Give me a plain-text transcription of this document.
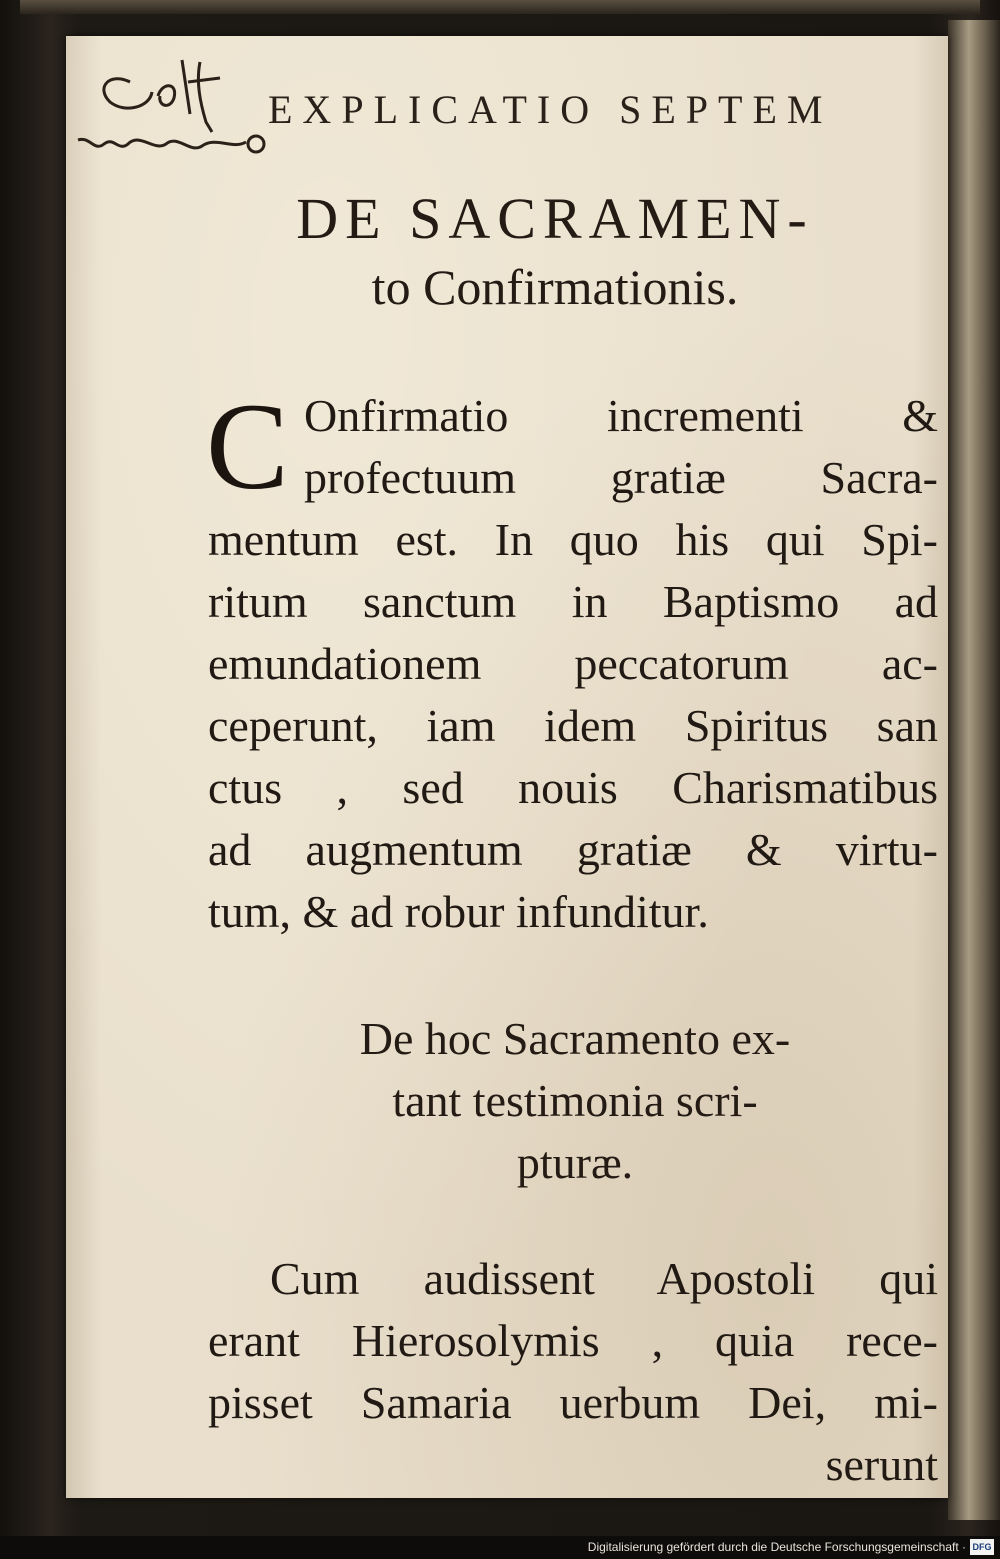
EXPLICATIO SEPTEM
DE SACRAMEN-
to Confirmationis.
C Onfirmatio incrementi &
profectuum gratiæ Sacra-
mentum est. In quo his qui Spi-
ritum sanctum in Baptismo ad
emundationem peccatorum ac-
ceperunt, iam idem Spiritus san
ctus , sed nouis Charismatibus
ad augmentum gratiæ & virtu-
tum, & ad robur infunditur.
De hoc Sacramento ex-
tant testimonia scri-
pturæ.
Cum audissent Apostoli qui
erant Hierosolymis , quia rece-
pisset Samaria uerbum Dei, mi-
serunt
Digitalisierung gefördert durch die Deutsche Forschungsgemeinschaft · DFG
